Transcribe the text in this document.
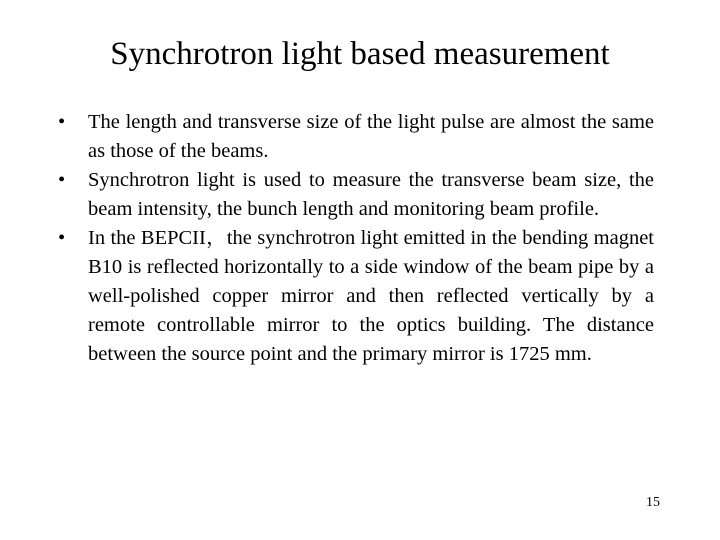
Synchrotron light based measurement
•	The length and transverse size of the light pulse are almost the same as those of the beams.
•	Synchrotron light is used to measure the transverse beam size, the beam intensity, the bunch length and monitoring beam profile.
•	In the BEPCII，the synchrotron light emitted in the bending magnet B10 is reflected horizontally to a side window of the beam pipe by a well-polished copper mirror and then reflected vertically by a remote controllable mirror to the optics building. The distance between the source point and the primary mirror is 1725 mm.
15
